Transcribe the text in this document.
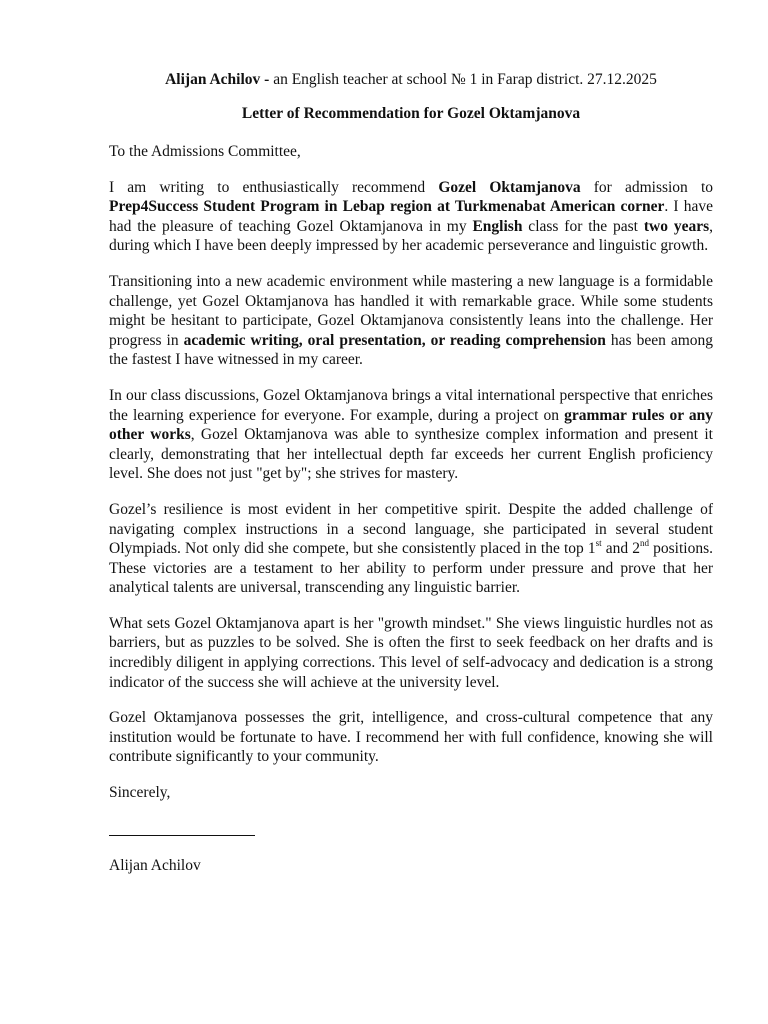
Alijan Achilov - an English teacher at school № 1 in Farap district. 27.12.2025

Letter of Recommendation for Gozel Oktamjanova

To the Admissions Committee,

I am writing to enthusiastically recommend Gozel Oktamjanova for admission to Prep4Success Student Program in Lebap region at Turkmenabat American corner. I have had the pleasure of teaching Gozel Oktamjanova in my English class for the past two years, during which I have been deeply impressed by her academic perseverance and linguistic growth.

Transitioning into a new academic environment while mastering a new language is a formidable challenge, yet Gozel Oktamjanova has handled it with remarkable grace. While some students might be hesitant to participate, Gozel Oktamjanova consistently leans into the challenge. Her progress in academic writing, oral presentation, or reading comprehension has been among the fastest I have witnessed in my career.

In our class discussions, Gozel Oktamjanova brings a vital international perspective that enriches the learning experience for everyone. For example, during a project on grammar rules or any other works, Gozel Oktamjanova was able to synthesize complex information and present it clearly, demonstrating that her intellectual depth far exceeds her current English proficiency level. She does not just "get by"; she strives for mastery.

Gozel’s resilience is most evident in her competitive spirit. Despite the added challenge of navigating complex instructions in a second language, she participated in several student Olympiads. Not only did she compete, but she consistently placed in the top 1st and 2nd positions. These victories are a testament to her ability to perform under pressure and prove that her analytical talents are universal, transcending any linguistic barrier.

What sets Gozel Oktamjanova apart is her "growth mindset." She views linguistic hurdles not as barriers, but as puzzles to be solved. She is often the first to seek feedback on her drafts and is incredibly diligent in applying corrections. This level of self-advocacy and dedication is a strong indicator of the success she will achieve at the university level.

Gozel Oktamjanova possesses the grit, intelligence, and cross-cultural competence that any institution would be fortunate to have. I recommend her with full confidence, knowing she will contribute significantly to your community.

Sincerely,

Alijan Achilov
